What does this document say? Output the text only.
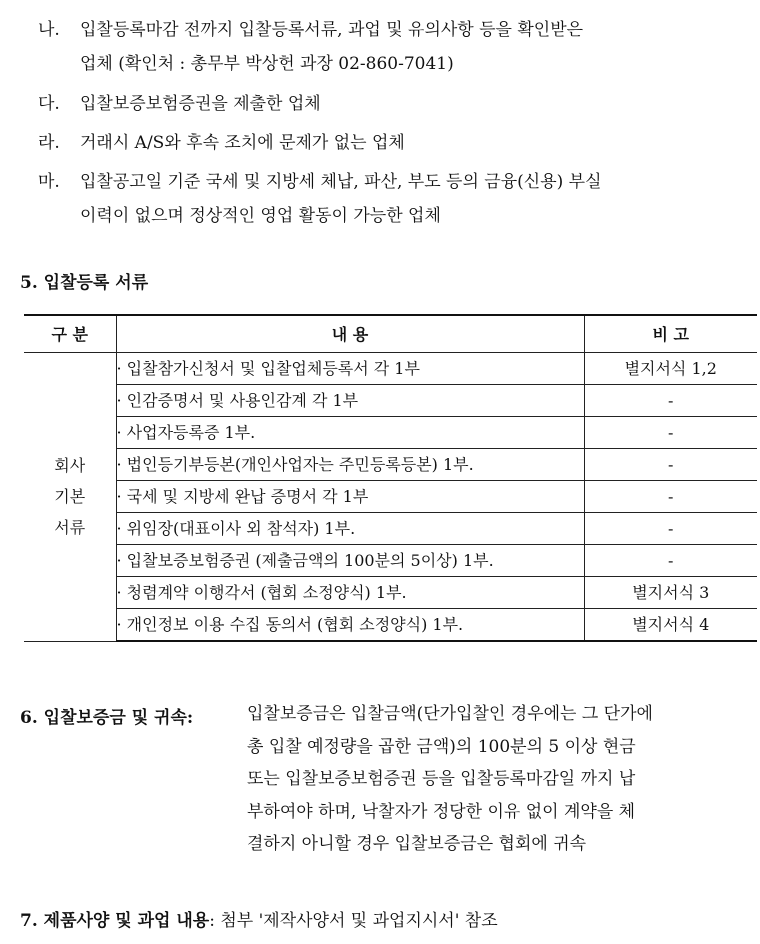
나. 입찰등록마감 전까지 입찰등록서류, 과업 및 유의사항 등을 확인받은
업체 (확인처 : 총무부 박상헌 과장 02-860-7041)
다. 입찰보증보험증권을 제출한 업체
라. 거래시 A/S와 후속 조치에 문제가 없는 업체
마. 입찰공고일 기준 국세 및 지방세 체납, 파산, 부도 등의 금융(신용) 부실
이력이 없으며 정상적인 영업 활동이 가능한 업체
5. 입찰등록 서류
구 분	내 용	비 고

회사
기본
서류	· 입찰참가신청서 및 입찰업체등록서 각 1부	별지서식 1,2
	· 인감증명서 및 사용인감계 각 1부	-
	· 사업자등록증 1부.	-
	· 법인등기부등본(개인사업자는 주민등록등본) 1부.	-
	· 국세 및 지방세 완납 증명서 각 1부	-
	· 위임장(대표이사 외 참석자) 1부.	-
	· 입찰보증보험증권 (제출금액의 100분의 5이상) 1부.	-
	· 청렴계약 이행각서 (협회 소정양식) 1부.	별지서식 3
	· 개인정보 이용 수집 동의서 (협회 소정양식) 1부.	별지서식 4
6. 입찰보증금 및 귀속:	입찰보증금은 입찰금액(단가입찰인 경우에는 그 단가에
총 입찰 예정량을 곱한 금액)의 100분의 5 이상 현금
또는 입찰보증보험증권 등을 입찰등록마감일 까지 납
부하여야 하며, 낙찰자가 정당한 이유 없이 계약을 체
결하지 아니할 경우 입찰보증금은 협회에 귀속
7. 제품사양 및 과업 내용: 첨부 '제작사양서 및 과업지시서' 참조
